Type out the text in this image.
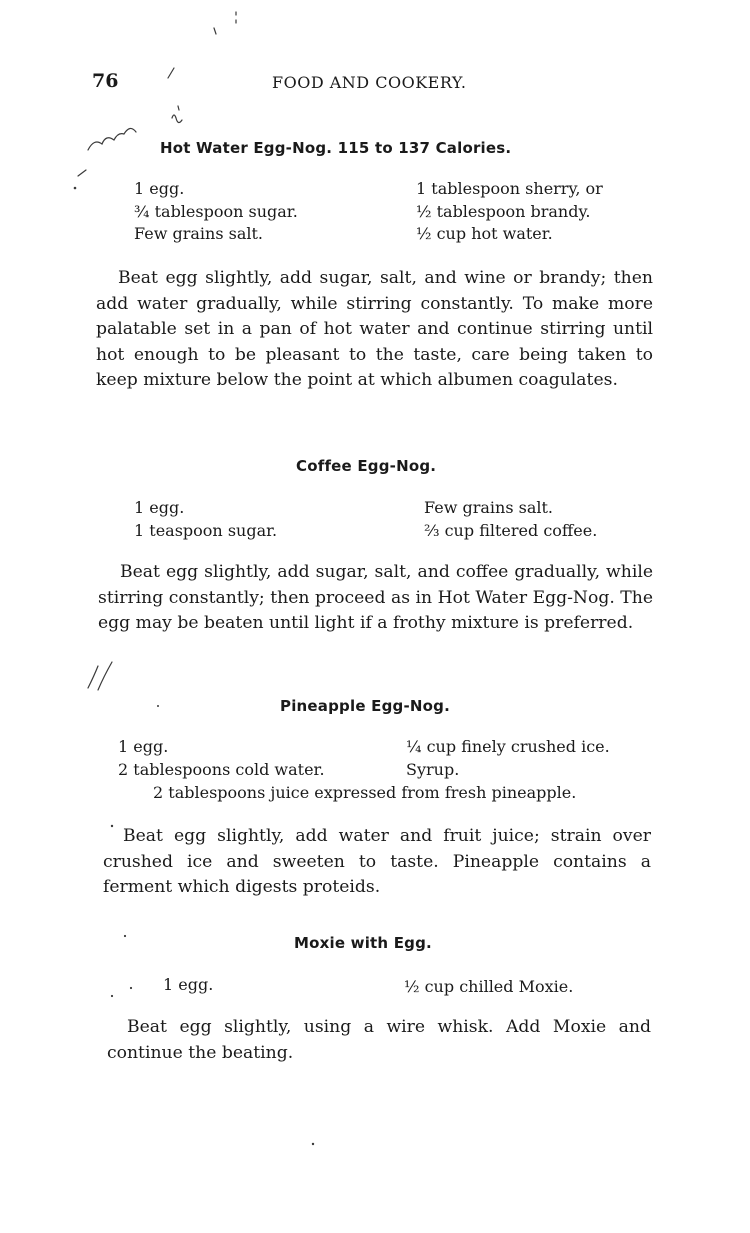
76	FOOD AND COOKERY.
Hot Water Egg-Nog. 115 to 137 Calories.
1 egg.
¾ tablespoon sugar.
Few grains salt.
1 tablespoon sherry, or
½ tablespoon brandy.
½ cup hot water.
Beat egg slightly, add sugar, salt, and wine or brandy; then add water gradually, while stirring constantly. To make more palatable set in a pan of hot water and continue stirring until hot enough to be pleasant to the taste, care being taken to keep mixture below the point at which albumen coagulates.
Coffee Egg-Nog.
1 egg.
1 teaspoon sugar.
Few grains salt.
⅔ cup filtered coffee.
Beat egg slightly, add sugar, salt, and coffee gradually, while stirring constantly; then proceed as in Hot Water Egg-Nog. The egg may be beaten until light if a frothy mixture is preferred.
Pineapple Egg-Nog.
1 egg.
2 tablespoons cold water.
¼ cup finely crushed ice.
Syrup.
2 tablespoons juice expressed from fresh pineapple.
Beat egg slightly, add water and fruit juice; strain over crushed ice and sweeten to taste. Pineapple contains a ferment which digests proteids.
Moxie with Egg.
1 egg.	½ cup chilled Moxie.
Beat egg slightly, using a wire whisk. Add Moxie and continue the beating.
